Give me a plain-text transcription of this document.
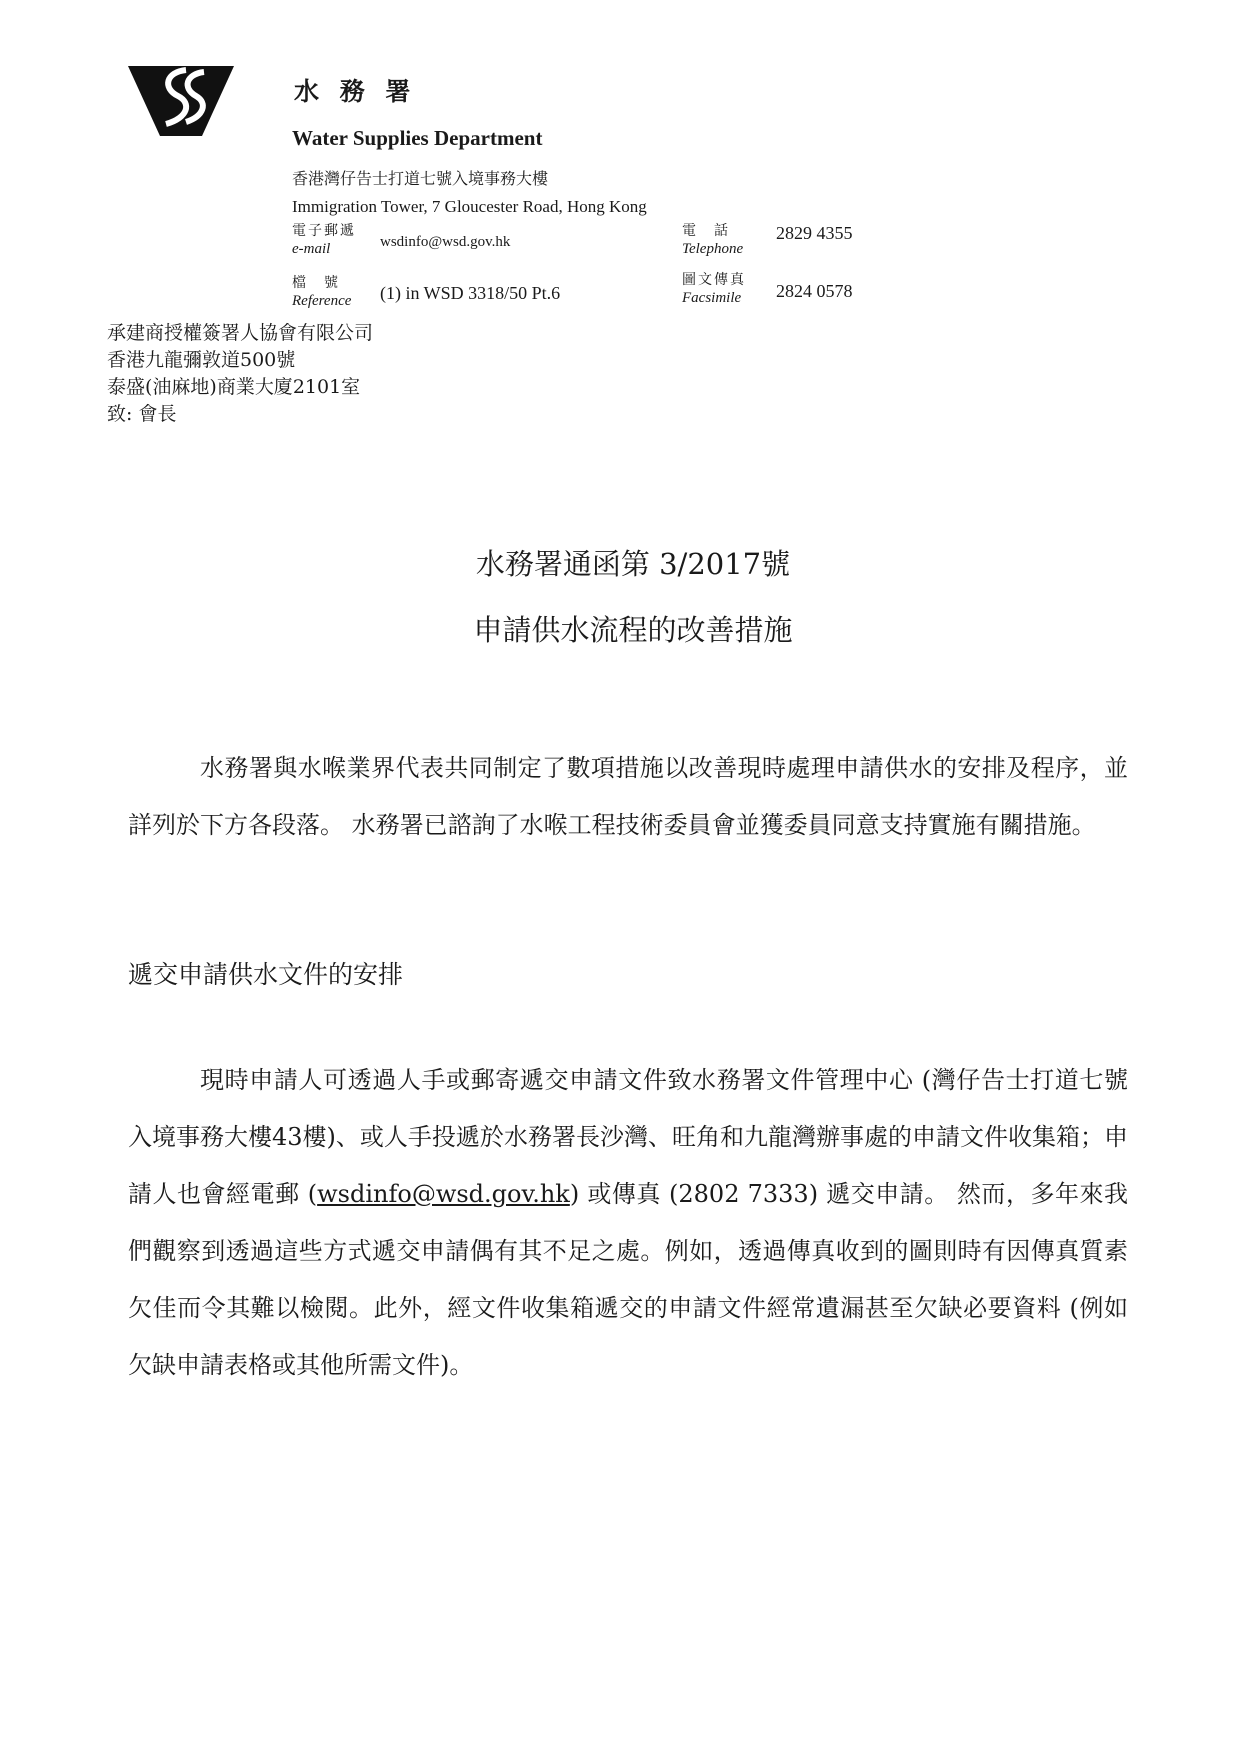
水 務 署
Water Supplies Department
香港灣仔告士打道七號入境事務大樓
Immigration Tower, 7 Gloucester Road, Hong Kong
電子郵遞
e-mail	wsdinfo@wsd.gov.hk
檔　號
Reference (1) in WSD 3318/50 Pt.6
電　話
Telephone
2829 4355
圖文傳真
Facsimile 2824 0578
承建商授權簽署人協會有限公司
香港九龍彌敦道500號
泰盛(油麻地)商業大廈2101室
致: 會長
水務署通函第 3/2017號
申請供水流程的改善措施

水務署與水喉業界代表共同制定了數項措施以改善現時處理申請供水的安排及程序，並詳列於下方各段落。 水務署已諮詢了水喉工程技術委員會並獲委員同意支持實施有關措施。

遞交申請供水文件的安排

現時申請人可透過人手或郵寄遞交申請文件致水務署文件管理中心 (灣仔告士打道七號入境事務大樓43樓)、或人手投遞於水務署長沙灣、旺角和九龍灣辦事處的申請文件收集箱；申請人也會經電郵 (wsdinfo@wsd.gov.hk) 或傳真 (2802 7333) 遞交申請。 然而，多年來我們觀察到透過這些方式遞交申請偶有其不足之處。例如，透過傳真收到的圖則時有因傳真質素欠佳而令其難以檢閱。此外，經文件收集箱遞交的申請文件經常遺漏甚至欠缺必要資料 (例如欠缺申請表格或其他所需文件)。
